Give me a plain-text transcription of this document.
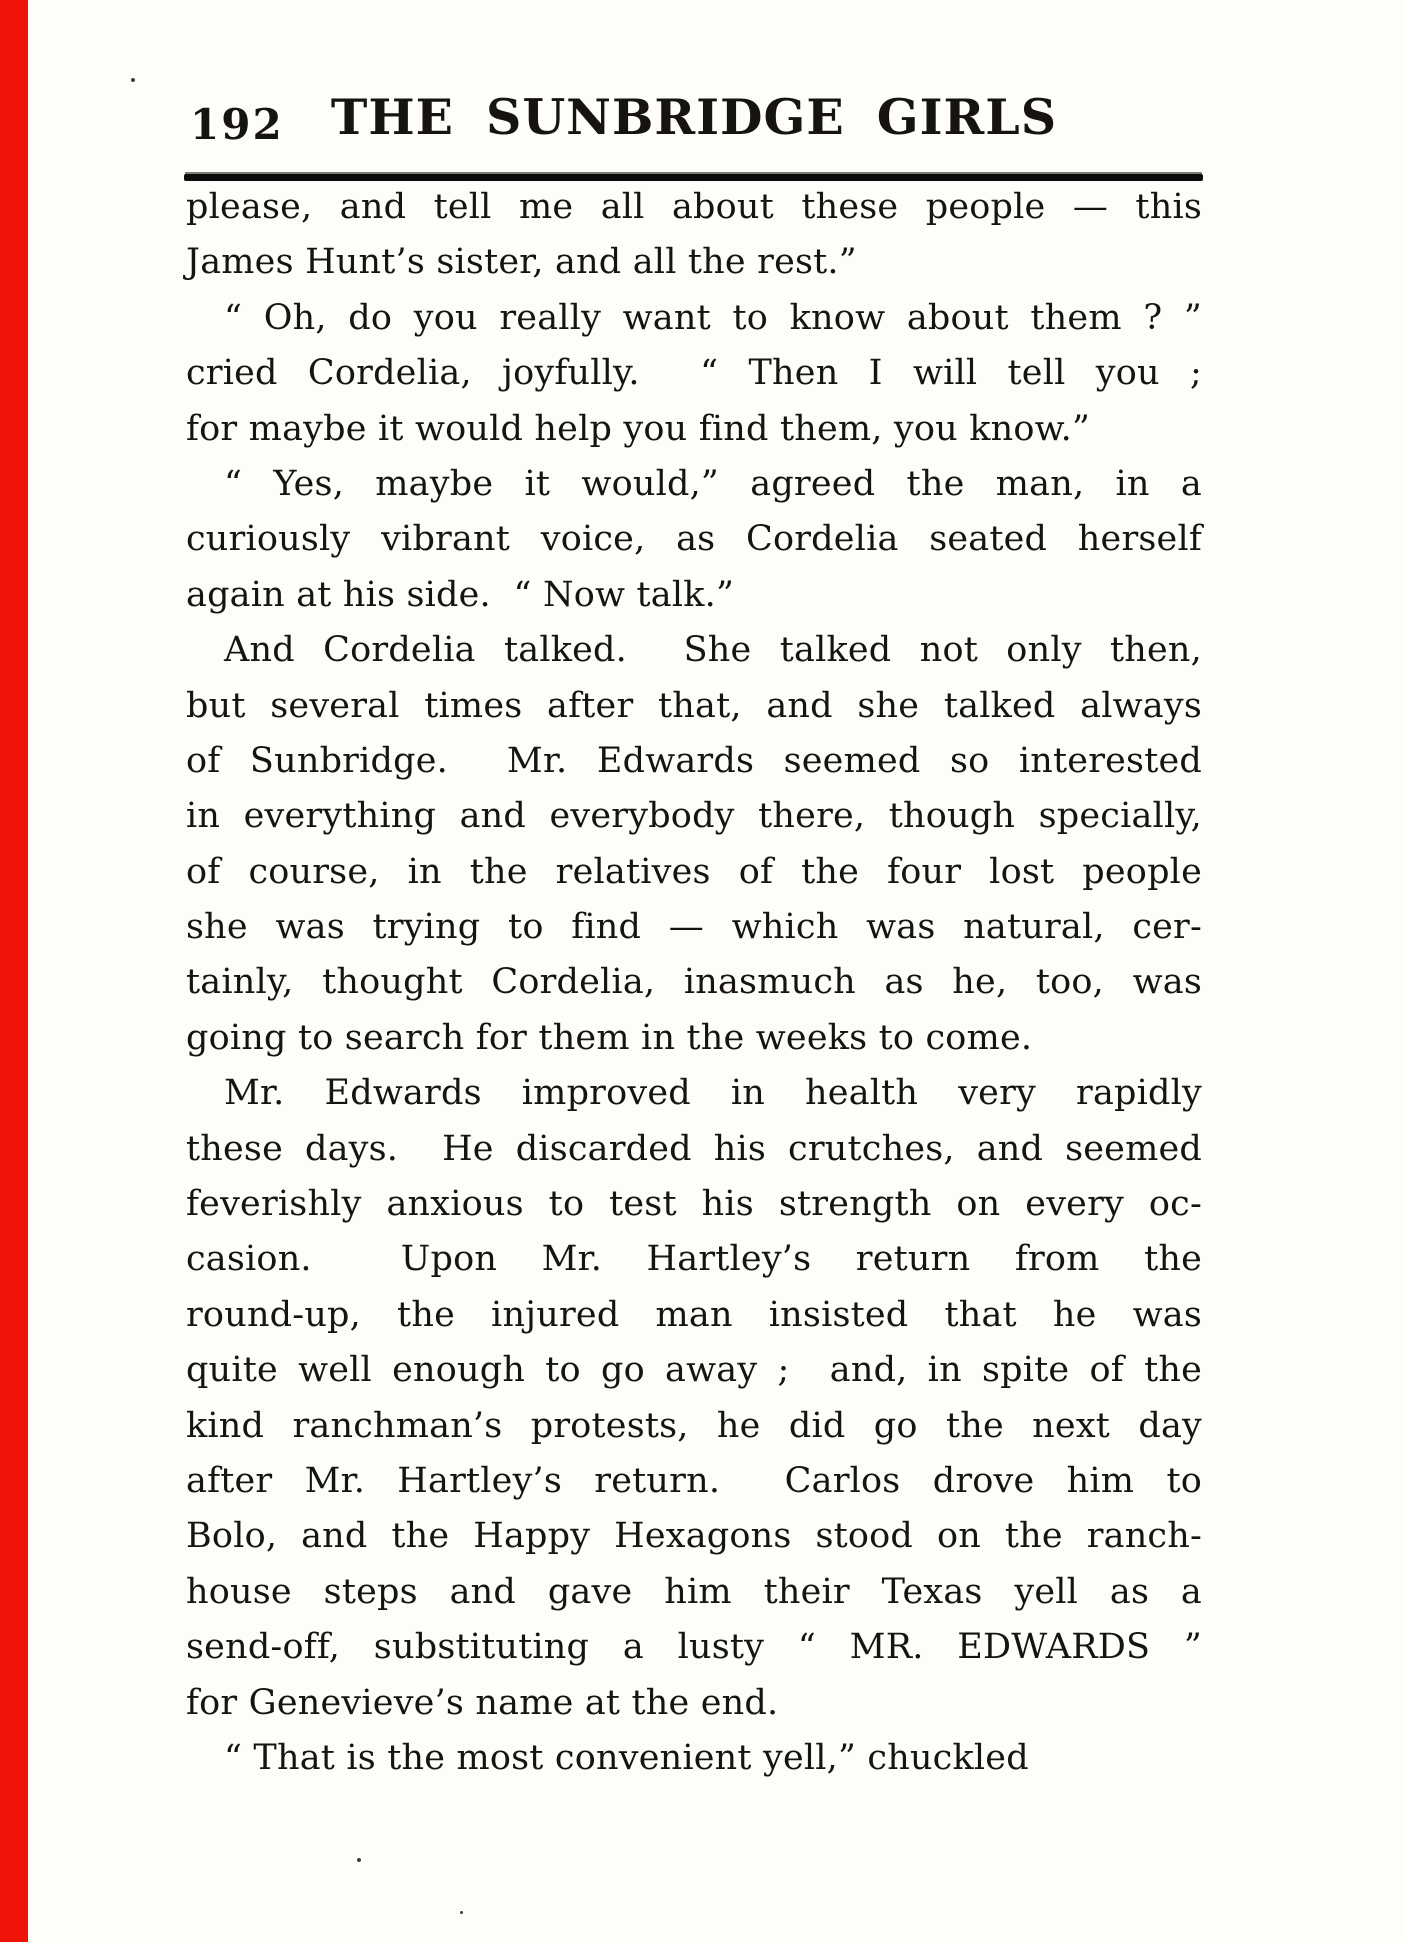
192 THE SUNBRIDGE GIRLS
please, and tell me all about these people — this
James Hunt’s sister, and all the rest.”
“ Oh, do you really want to know about them ? ”
cried Cordelia, joyfully.  “ Then I will tell you ;
for maybe it would help you find them, you know.”
“ Yes, maybe it would,” agreed the man, in a
curiously vibrant voice, as Cordelia seated herself
again at his side.  “ Now talk.”
And Cordelia talked.  She talked not only then,
but several times after that, and she talked always
of Sunbridge.  Mr. Edwards seemed so interested
in everything and everybody there, though specially,
of course, in the relatives of the four lost people
she was trying to find — which was natural, cer-
tainly, thought Cordelia, inasmuch as he, too, was
going to search for them in the weeks to come.
Mr. Edwards improved in health very rapidly
these days.  He discarded his crutches, and seemed
feverishly anxious to test his strength on every oc-
casion.  Upon Mr. Hartley’s return from the
round-up, the injured man insisted that he was
quite well enough to go away ;  and, in spite of the
kind ranchman’s protests, he did go the next day
after Mr. Hartley’s return.  Carlos drove him to
Bolo, and the Happy Hexagons stood on the ranch-
house steps and gave him their Texas yell as a
send-off, substituting a lusty “ MR. EDWARDS ”
for Genevieve’s name at the end.
“ That is the most convenient yell,” chuckled
